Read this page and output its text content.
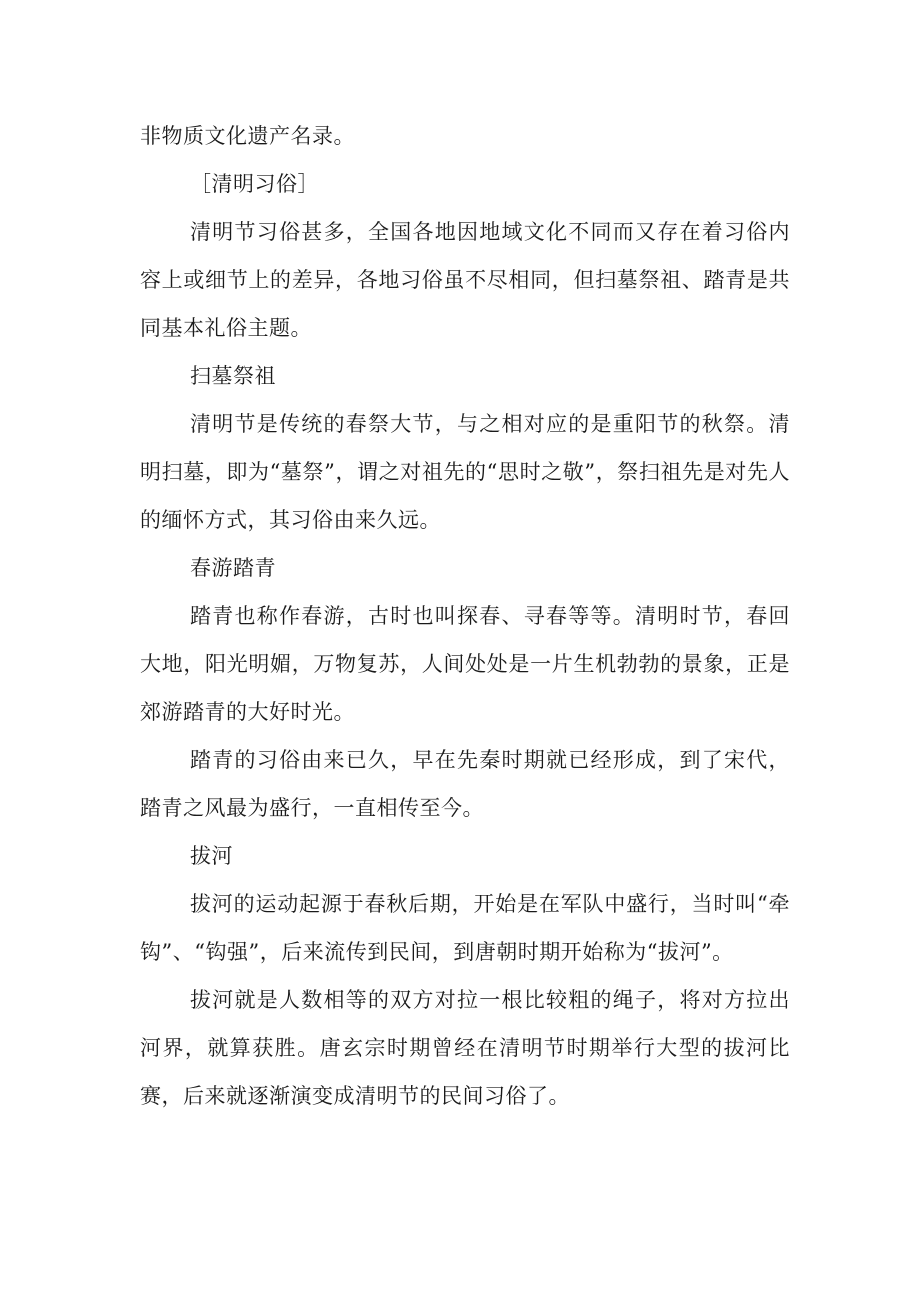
非物质文化遗产名录。

［清明习俗］

清明节习俗甚多，全国各地因地域文化不同而又存在着习俗内容上或细节上的差异，各地习俗虽不尽相同，但扫墓祭祖、踏青是共同基本礼俗主题。

扫墓祭祖

清明节是传统的春祭大节，与之相对应的是重阳节的秋祭。清明扫墓，即为“墓祭”，谓之对祖先的“思时之敬”，祭扫祖先是对先人的缅怀方式，其习俗由来久远。

春游踏青

踏青也称作春游，古时也叫探春、寻春等等。清明时节，春回大地，阳光明媚，万物复苏，人间处处是一片生机勃勃的景象，正是郊游踏青的大好时光。

踏青的习俗由来已久，早在先秦时期就已经形成，到了宋代，踏青之风最为盛行，一直相传至今。

拔河

拔河的运动起源于春秋后期，开始是在军队中盛行，当时叫“牵钩”、“钩强”，后来流传到民间，到唐朝时期开始称为“拔河”。

拔河就是人数相等的双方对拉一根比较粗的绳子，将对方拉出河界，就算获胜。唐玄宗时期曾经在清明节时期举行大型的拔河比赛，后来就逐渐演变成清明节的民间习俗了。
